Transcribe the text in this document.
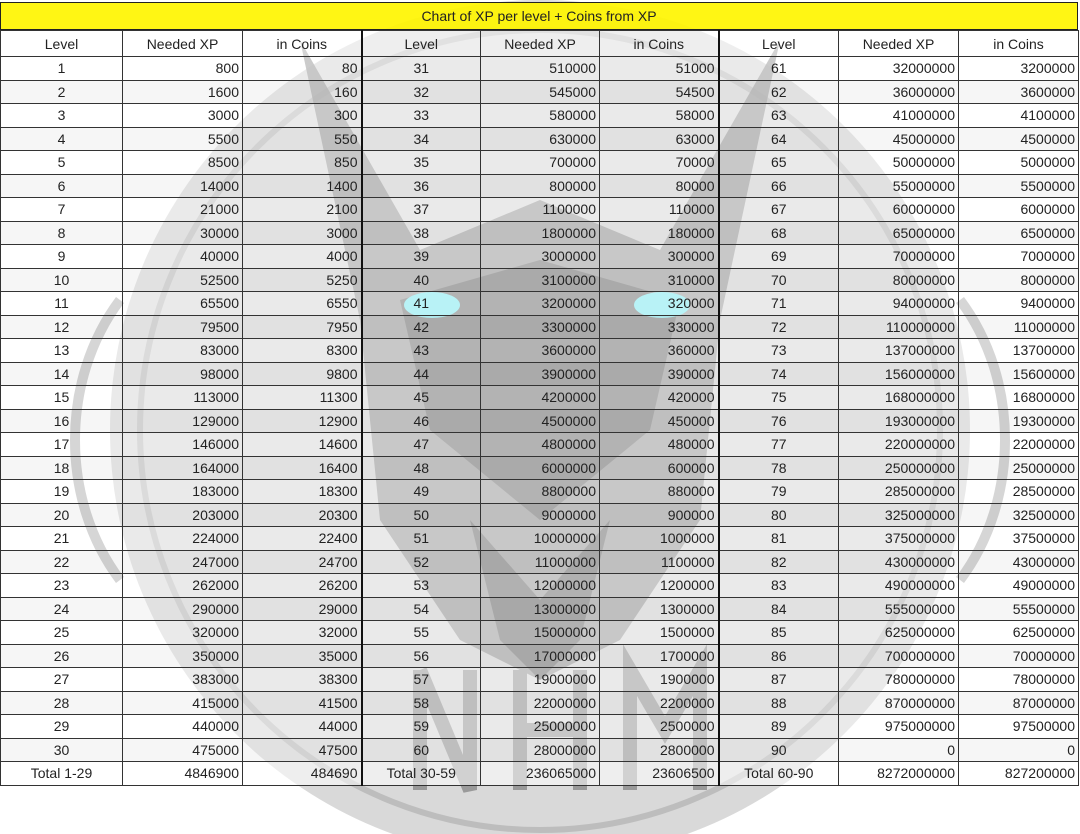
Chart of XP per level + Coins from XP
Level	Needed XP	in Coins	Level	Needed XP	in Coins	Level	Needed XP	in Coins
1	800	80	31	510000	51000	61	32000000	3200000
2	1600	160	32	545000	54500	62	36000000	3600000
3	3000	300	33	580000	58000	63	41000000	4100000
4	5500	550	34	630000	63000	64	45000000	4500000
5	8500	850	35	700000	70000	65	50000000	5000000
6	14000	1400	36	800000	80000	66	55000000	5500000
7	21000	2100	37	1100000	110000	67	60000000	6000000
8	30000	3000	38	1800000	180000	68	65000000	6500000
9	40000	4000	39	3000000	300000	69	70000000	7000000
10	52500	5250	40	3100000	310000	70	80000000	8000000
11	65500	6550	41	3200000	320000	71	94000000	9400000
12	79500	7950	42	3300000	330000	72	110000000	11000000
13	83000	8300	43	3600000	360000	73	137000000	13700000
14	98000	9800	44	3900000	390000	74	156000000	15600000
15	113000	11300	45	4200000	420000	75	168000000	16800000
16	129000	12900	46	4500000	450000	76	193000000	19300000
17	146000	14600	47	4800000	480000	77	220000000	22000000
18	164000	16400	48	6000000	600000	78	250000000	25000000
19	183000	18300	49	8800000	880000	79	285000000	28500000
20	203000	20300	50	9000000	900000	80	325000000	32500000
21	224000	22400	51	10000000	1000000	81	375000000	37500000
22	247000	24700	52	11000000	1100000	82	430000000	43000000
23	262000	26200	53	12000000	1200000	83	490000000	49000000
24	290000	29000	54	13000000	1300000	84	555000000	55500000
25	320000	32000	55	15000000	1500000	85	625000000	62500000
26	350000	35000	56	17000000	1700000	86	700000000	70000000
27	383000	38300	57	19000000	1900000	87	780000000	78000000
28	415000	41500	58	22000000	2200000	88	870000000	87000000
29	440000	44000	59	25000000	2500000	89	975000000	97500000
30	475000	47500	60	28000000	2800000	90	0	0
Total 1-29	4846900	484690	Total 30-59	236065000	23606500	Total 60-90	8272000000	827200000
